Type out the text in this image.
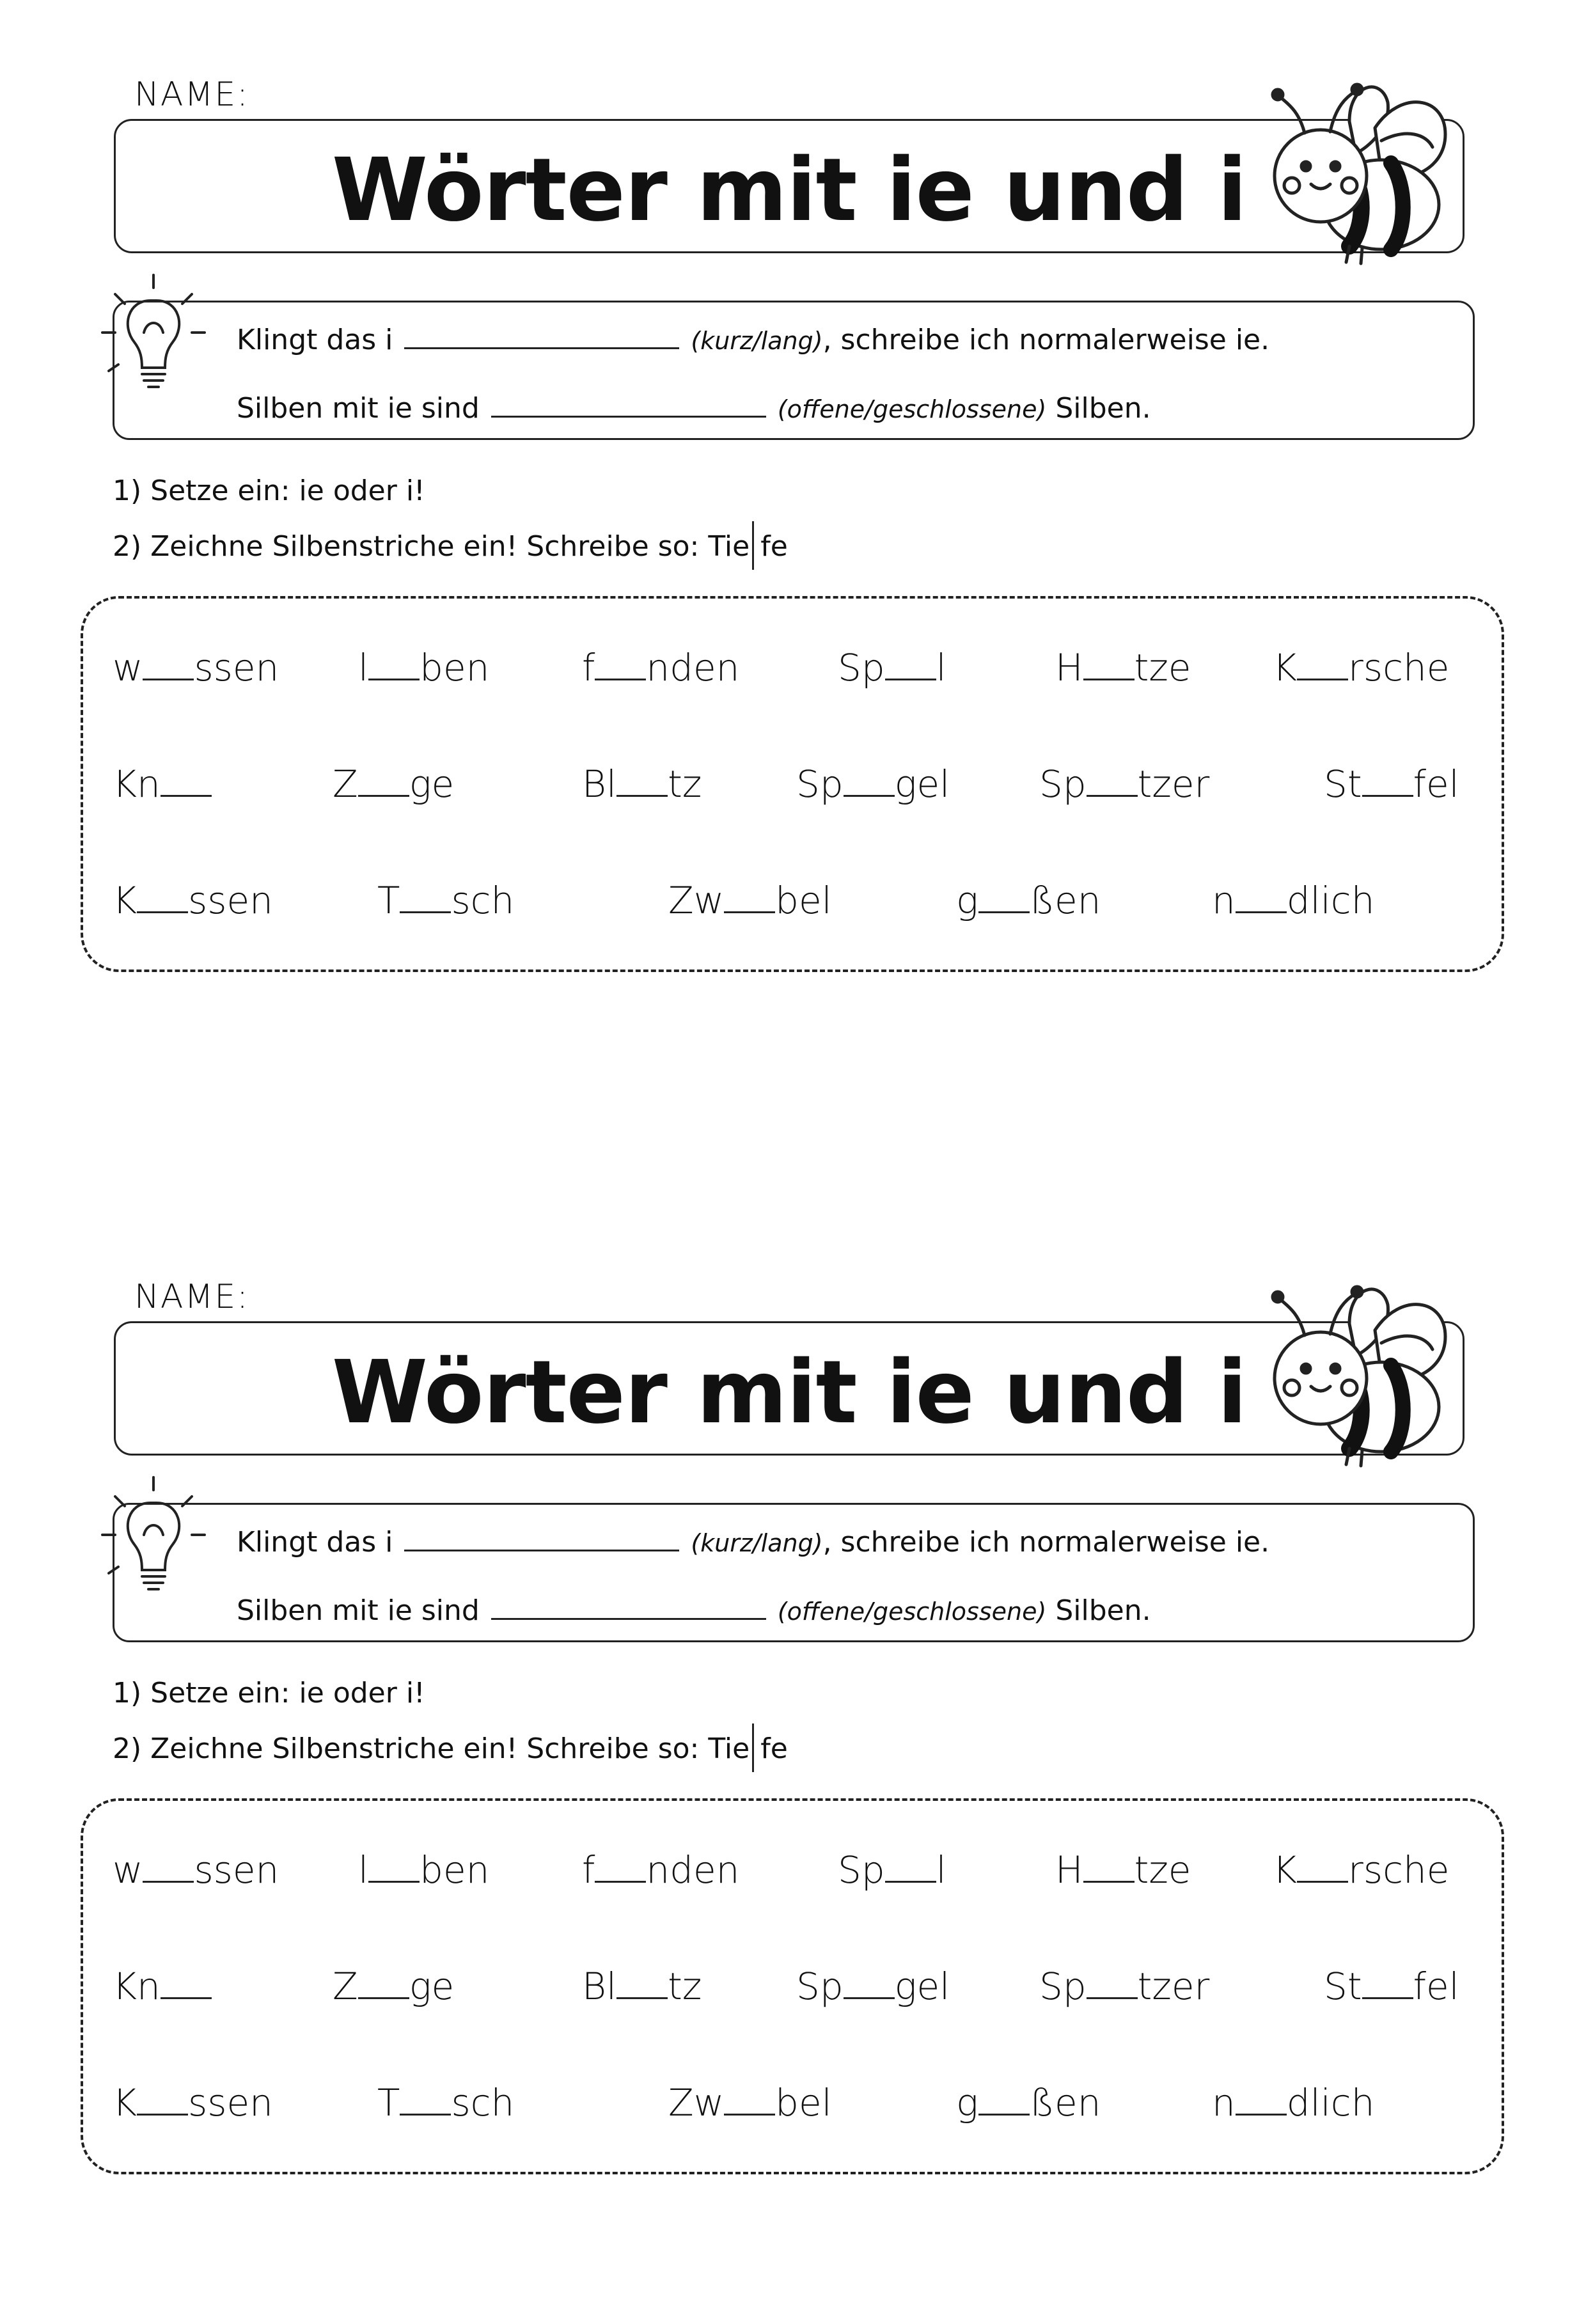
NAME:
Wörter mit ie und i
Klingt das i	(kurz/lang), schreibe ich normalerweise ie.
Silben mit ie sind	(offene/geschlossene) Silben.
1) Setze ein: ie oder i!
2) Zeichne Silbenstriche ein! Schreibe so: Tie fe
w ssen l ben f nden	Sp l	H tze K rsche
Kn	Z ge	Bl tz	Sp gel Sp tzer	St fel
K ssen	T sch	Zw bel	g ßen	n dlich
NAME:
Wörter mit ie und i
Klingt das i	(kurz/lang), schreibe ich normalerweise ie.
Silben mit ie sind	(offene/geschlossene) Silben.
1) Setze ein: ie oder i!
2) Zeichne Silbenstriche ein! Schreibe so: Tie fe
w ssen l ben f nden	Sp l	H tze K rsche
Kn	Z ge	Bl tz	Sp gel Sp tzer	St fel
K ssen	T sch	Zw bel	g ßen	n dlich
